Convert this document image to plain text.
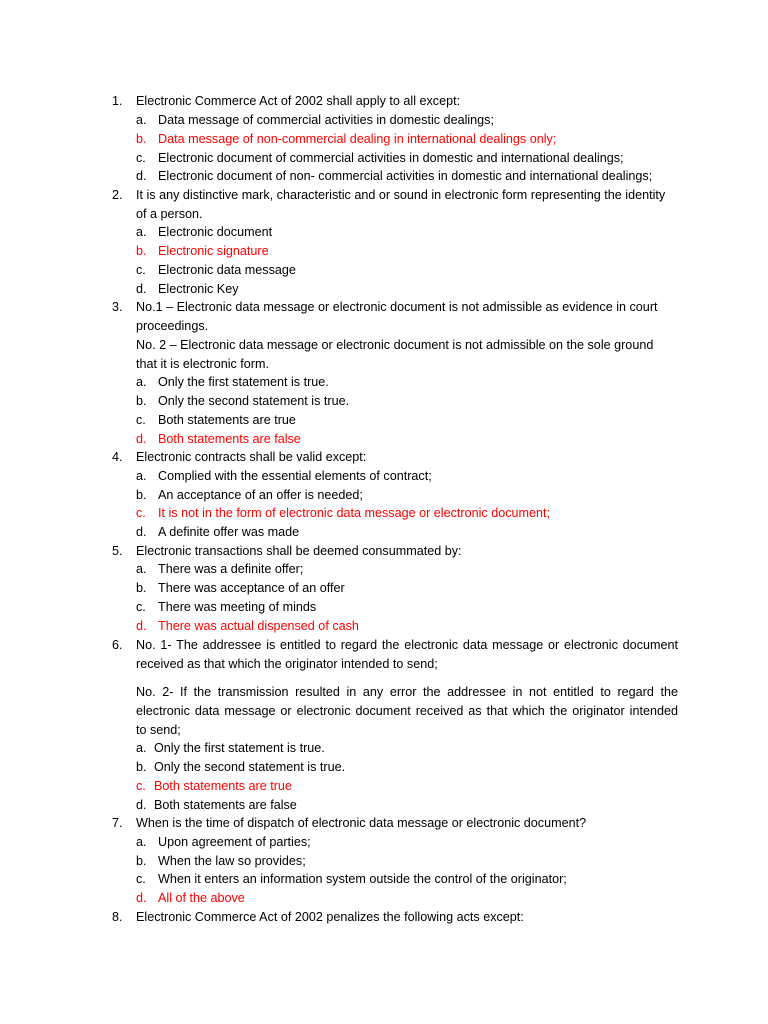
1. Electronic Commerce Act of 2002 shall apply to all except:
a. Data message of commercial activities in domestic dealings;
b. Data message of non-commercial dealing in international dealings only;
c. Electronic document of commercial activities in domestic and international dealings;
d. Electronic document of non- commercial activities in domestic and international dealings;
2. It is any distinctive mark, characteristic and or sound in electronic form representing the identity
of a person.
a. Electronic document
b. Electronic signature
c. Electronic data message
d. Electronic Key
3. No.1 – Electronic data message or electronic document is not admissible as evidence in court
proceedings.
No. 2 – Electronic data message or electronic document is not admissible on the sole ground
that it is electronic form.
a. Only the first statement is true.
b. Only the second statement is true.
c. Both statements are true
d. Both statements are false
4. Electronic contracts shall be valid except:
a. Complied with the essential elements of contract;
b. An acceptance of an offer is needed;
c. It is not in the form of electronic data message or electronic document;
d. A definite offer was made
5. Electronic transactions shall be deemed consummated by:
a. There was a definite offer;
b. There was acceptance of an offer
c. There was meeting of minds
d. There was actual dispensed of cash
6. No. 1- The addressee is entitled to regard the electronic data message or electronic document
received as that which the originator intended to send;
No. 2- If the transmission resulted in any error the addressee in not entitled to regard the
electronic data message or electronic document received as that which the originator intended
to send;
a. Only the first statement is true.
b. Only the second statement is true.
c. Both statements are true
d. Both statements are false
7. When is the time of dispatch of electronic data message or electronic document?
a. Upon agreement of parties;
b. When the law so provides;
c. When it enters an information system outside the control of the originator;
d. All of the above
8. Electronic Commerce Act of 2002 penalizes the following acts except:
